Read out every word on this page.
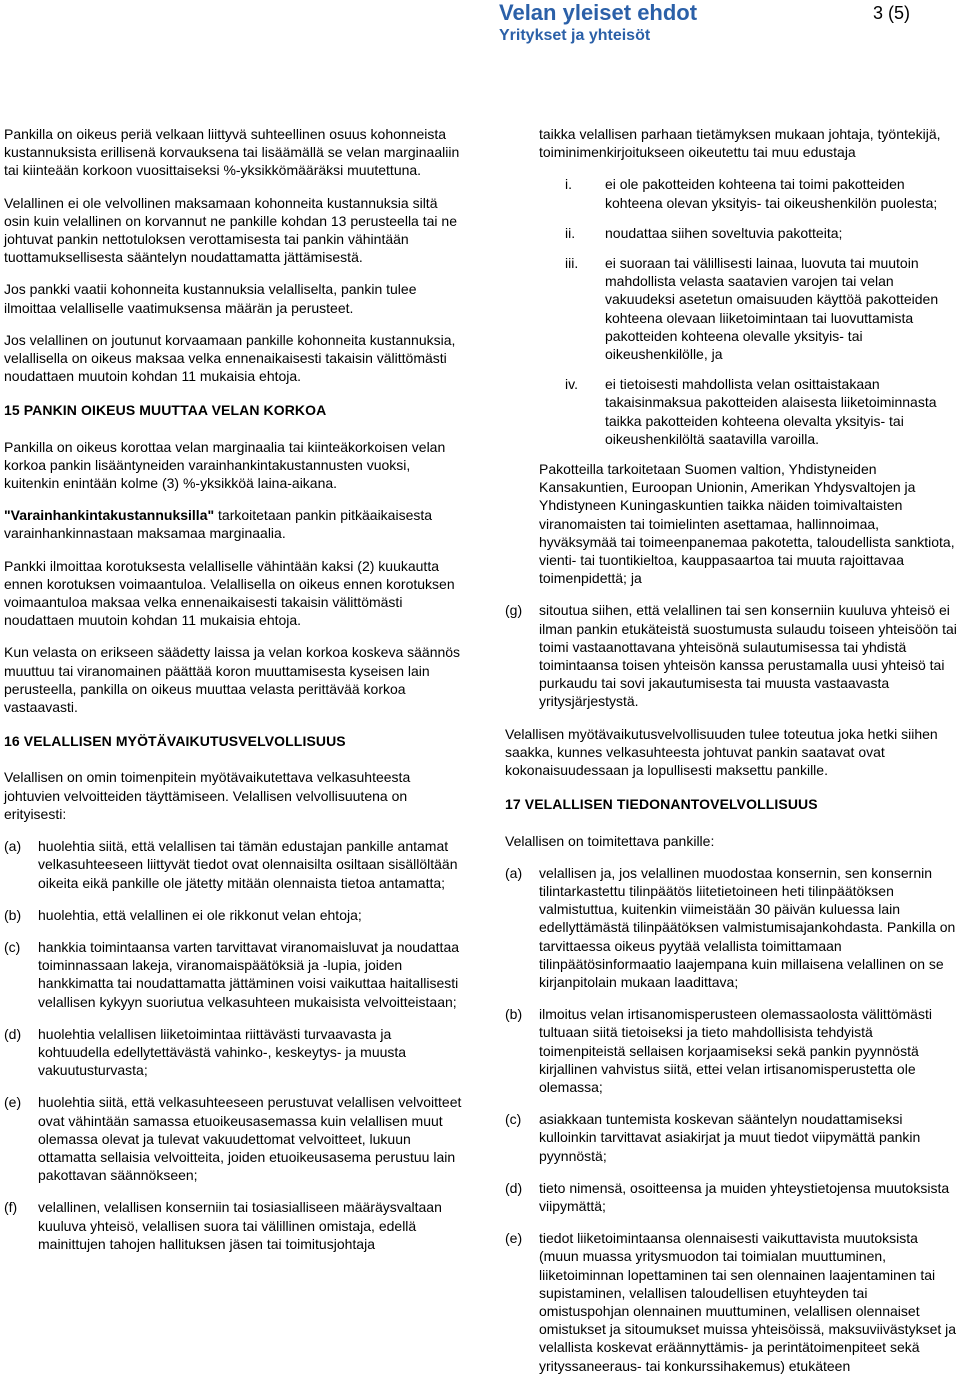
Velan yleiset ehdot
Yritykset ja yhteisöt
3 (5)

Pankilla on oikeus periä velkaan liittyvä suhteellinen osuus kohonneista kustannuksista erillisenä korvauksena tai lisäämällä se velan marginaaliin tai kiinteään korkoon vuosittaiseksi %-yksikkömääräksi muutettuna.

Velallinen ei ole velvollinen maksamaan kohonneita kustannuksia siltä osin kuin velallinen on korvannut ne pankille kohdan 13 perusteella tai ne johtuvat pankin nettotuloksen verottamisesta tai pankin vähintään tuottamuksellisesta sääntelyn noudattamatta jättämisestä.

Jos pankki vaatii kohonneita kustannuksia velalliselta, pankin tulee ilmoittaa velalliselle vaatimuksensa määrän ja perusteet.

Jos velallinen on joutunut korvaamaan pankille kohonneita kustannuksia, velallisella on oikeus maksaa velka ennenaikaisesti takaisin välittömästi noudattaen muutoin kohdan 11 mukaisia ehtoja.

15 PANKIN OIKEUS MUUTTAA VELAN KORKOA

Pankilla on oikeus korottaa velan marginaalia tai kiinteäkorkoisen velan korkoa pankin lisääntyneiden varainhankintakustannusten vuoksi, kuitenkin enintään kolme (3) %-yksikköä laina-aikana.

"Varainhankintakustannuksilla" tarkoitetaan pankin pitkäaikaisesta varainhankinnastaan maksamaa marginaalia.

Pankki ilmoittaa korotuksesta velalliselle vähintään kaksi (2) kuukautta ennen korotuksen voimaantuloa. Velallisella on oikeus ennen korotuksen voimaantuloa maksaa velka ennenaikaisesti takaisin välittömästi noudattaen muutoin kohdan 11 mukaisia ehtoja.

Kun velasta on erikseen säädetty laissa ja velan korkoa koskeva säännös muuttuu tai viranomainen päättää koron muuttamisesta kyseisen lain perusteella, pankilla on oikeus muuttaa velasta perittävää korkoa vastaavasti.

16 VELALLISEN MYÖTÄVAIKUTUSVELVOLLISUUS

Velallisen on omin toimenpitein myötävaikutettava velkasuhteesta johtuvien velvoitteiden täyttämiseen. Velallisen velvollisuutena on erityisesti:

(a) huolehtia siitä, että velallisen tai tämän edustajan pankille antamat velkasuhteeseen liittyvät tiedot ovat olennaisilta osiltaan sisällöltään oikeita eikä pankille ole jätetty mitään olennaista tietoa antamatta;
(b) huolehtia, että velallinen ei ole rikkonut velan ehtoja;
(c) hankkia toimintaansa varten tarvittavat viranomaisluvat ja noudattaa toiminnassaan lakeja, viranomaispäätöksiä ja -lupia, joiden hankkimatta tai noudattamatta jättäminen voisi vaikuttaa haitallisesti velallisen kykyyn suoriutua velkasuhteen mukaisista velvoitteistaan;
(d) huolehtia velallisen liiketoimintaa riittävästi turvaavasta ja kohtuudella edellytettävästä vahinko-, keskeytys- ja muusta vakuutusturvasta;
(e) huolehtia siitä, että velkasuhteeseen perustuvat velallisen velvoitteet ovat vähintään samassa etuoikeusasemassa kuin velallisen muut olemassa olevat ja tulevat vakuudettomat velvoitteet, lukuun ottamatta sellaisia velvoitteita, joiden etuoikeusasema perustuu lain pakottavan säännökseen;
(f) velallinen, velallisen konserniin tai tosiasialliseen määräysvaltaan kuuluva yhteisö, velallisen suora tai välillinen omistaja, edellä mainittujen tahojen hallituksen jäsen tai toimitusjohtaja

taikka velallisen parhaan tietämyksen mukaan johtaja, työntekijä, toiminimenkirjoitukseen oikeutettu tai muu edustaja

i. ei ole pakotteiden kohteena tai toimi pakotteiden kohteena olevan yksityis- tai oikeushenkilön puolesta;
ii. noudattaa siihen soveltuvia pakotteita;
iii. ei suoraan tai välillisesti lainaa, luovuta tai muutoin mahdollista velasta saatavien varojen tai velan vakuudeksi asetetun omaisuuden käyttöä pakotteiden kohteena olevaan liiketoimintaan tai luovuttamista pakotteiden kohteena olevalle yksityis- tai oikeushenkilölle, ja
iv. ei tietoisesti mahdollista velan osittaistakaan takaisinmaksua pakotteiden alaisesta liiketoiminnasta taikka pakotteiden kohteena olevalta yksityis- tai oikeushenkilöltä saatavilla varoilla.

Pakotteilla tarkoitetaan Suomen valtion, Yhdistyneiden Kansakuntien, Euroopan Unionin, Amerikan Yhdysvaltojen ja Yhdistyneen Kuningaskuntien taikka näiden toimivaltaisten viranomaisten tai toimielinten asettamaa, hallinnoimaa, hyväksymää tai toimeenpanemaa pakotetta, taloudellista sanktiota, vienti- tai tuontikieltoa, kauppasaartoa tai muuta rajoittavaa toimenpidettä; ja

(g) sitoutua siihen, että velallinen tai sen konserniin kuuluva yhteisö ei ilman pankin etukäteistä suostumusta sulaudu toiseen yhteisöön tai toimi vastaanottavana yhteisönä sulautumisessa tai yhdistä toimintaansa toisen yhteisön kanssa perustamalla uusi yhteisö tai purkaudu tai sovi jakautumisesta tai muusta vastaavasta yritysjärjestystä.

Velallisen myötävaikutusvelvollisuuden tulee toteutua joka hetki siihen saakka, kunnes velkasuhteesta johtuvat pankin saatavat ovat kokonaisuudessaan ja lopullisesti maksettu pankille.

17 VELALLISEN TIEDONANTOVELVOLLISUUS

Velallisen on toimitettava pankille:

(a) velallisen ja, jos velallinen muodostaa konsernin, sen konsernin tilintarkastettu tilinpäätös liitetietoineen heti tilinpäätöksen valmistuttua, kuitenkin viimeistään 30 päivän kuluessa lain edellyttämästä tilinpäätöksen valmistumisajankohdasta. Pankilla on tarvittaessa oikeus pyytää velallista toimittamaan tilinpäätösinformaatio laajempana kuin millaisena velallinen on se kirjanpitolain mukaan laadittava;
(b) ilmoitus velan irtisanomisperusteen olemassaolosta välittömästi tultuaan siitä tietoiseksi ja tieto mahdollisista tehdyistä toimenpiteistä sellaisen korjaamiseksi sekä pankin pyynnöstä kirjallinen vahvistus siitä, ettei velan irtisanomisperustetta ole olemassa;
(c) asiakkaan tuntemista koskevan sääntelyn noudattamiseksi kulloinkin tarvittavat asiakirjat ja muut tiedot viipymättä pankin pyynnöstä;
(d) tieto nimensä, osoitteensa ja muiden yhteystietojensa muutoksista viipymättä;
(e) tiedot liiketoimintaansa olennaisesti vaikuttavista muutoksista (muun muassa yritysmuodon tai toimialan muuttuminen, liiketoiminnan lopettaminen tai sen olennainen laajentaminen tai supistaminen, velallisen taloudellisen etuyhteyden tai omistuspohjan olennainen muuttuminen, velallisen olennaiset omistukset ja sitoumukset muissa yhteisöissä, maksuviivästykset ja velallista koskevat eräännyttämis- ja perintätoimenpiteet sekä yrityssaneeraus- tai konkurssihakemus) etukäteen
